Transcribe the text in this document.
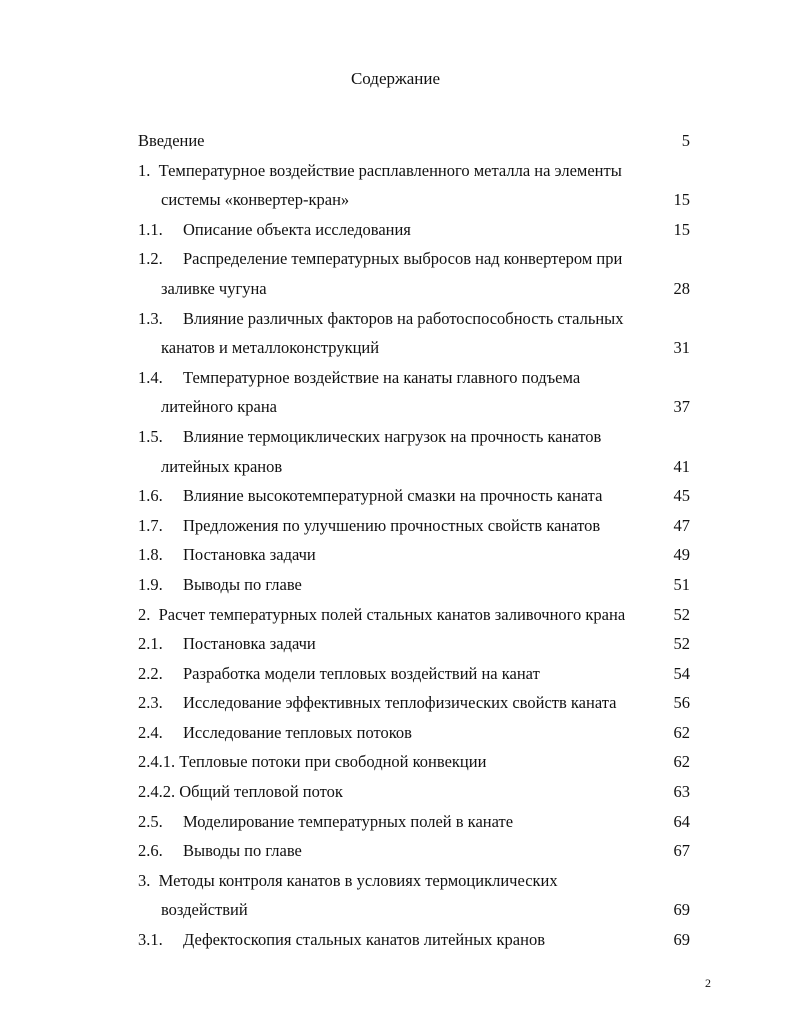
Содержание
Введение	5
1. Температурное воздействие расплавленного металла на элементы
системы «конвертер-кран»	15
1.1. Описание объекта исследования	15
1.2. Распределение температурных выбросов над конвертером при
заливке чугуна	28
1.3. Влияние различных факторов на работоспособность стальных
канатов и металлоконструкций	31
1.4. Температурное воздействие на канаты главного подъема
литейного крана	37
1.5. Влияние термоциклических нагрузок на прочность канатов
литейных кранов	41
1.6. Влияние высокотемпературной смазки на прочность каната	45
1.7. Предложения по улучшению прочностных свойств канатов	47
1.8. Постановка задачи	49
1.9. Выводы по главе	51
2. Расчет температурных полей стальных канатов заливочного крана	52
2.1. Постановка задачи	52
2.2. Разработка модели тепловых воздействий на канат	54
2.3. Исследование эффективных теплофизических свойств каната	56
2.4. Исследование тепловых потоков	62
2.4.1. Тепловые потоки при свободной конвекции	62
2.4.2. Общий тепловой поток	63
2.5. Моделирование температурных полей в канате	64
2.6. Выводы по главе	67
3. Методы контроля канатов в условиях термоциклических
воздействий	69
3.1. Дефектоскопия стальных канатов литейных кранов	69
2
